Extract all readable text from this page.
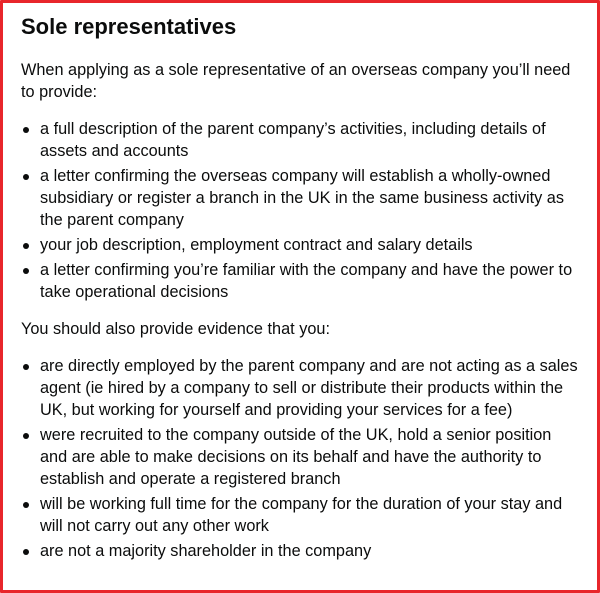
Sole representatives

When applying as a sole representative of an overseas company you’ll need to provide:

a full description of the parent company’s activities, including details of assets and accounts
a letter confirming the overseas company will establish a wholly-owned subsidiary or register a branch in the UK in the same business activity as the parent company
your job description, employment contract and salary details
a letter confirming you’re familiar with the company and have the power to take operational decisions

You should also provide evidence that you:

are directly employed by the parent company and are not acting as a sales agent (ie hired by a company to sell or distribute their products within the UK, but working for yourself and providing your services for a fee)
were recruited to the company outside of the UK, hold a senior position and are able to make decisions on its behalf and have the authority to establish and operate a registered branch
will be working full time for the company for the duration of your stay and will not carry out any other work
are not a majority shareholder in the company
